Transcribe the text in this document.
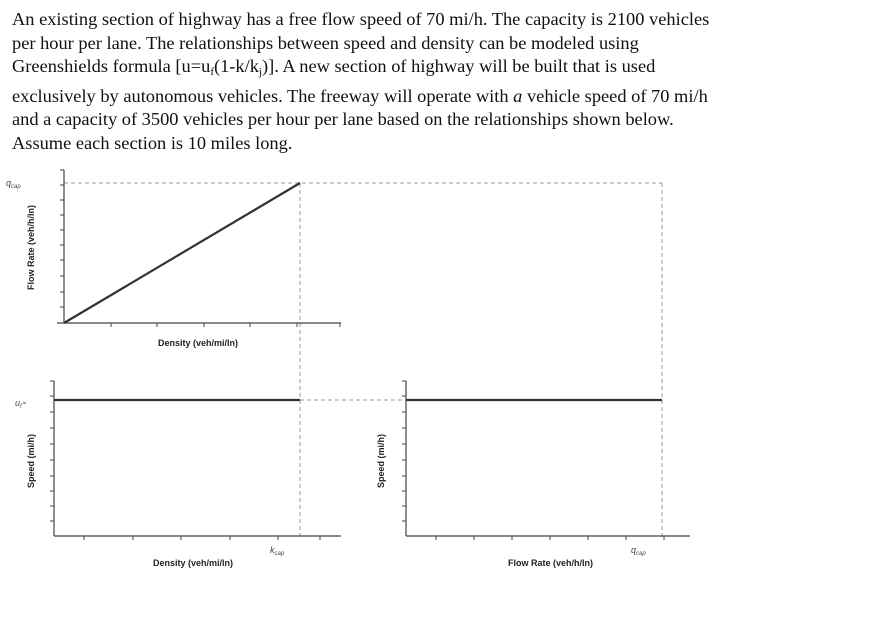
An existing section of highway has a free flow speed of 70 mi/h. The capacity is 2100 vehicles

per hour per lane. The relationships between speed and density can be modeled using

Greenshields formula $[u=u_f(1-k/k_j)]$. A new section of highway will be built that is used

exclusively by autonomous vehicles. The freeway will operate with a vehicle speed of 70 mi/h

and a capacity of 3500 vehicles per hour per lane based on the relationships shown below.

Assume each section is 10 miles long.

Flow Rate (veh/h/ln)
Density (veh/mi/ln)
$q_{cap}$
Speed (mi/h)
Density (veh/mi/ln)
$u_f^=$
$k_{cap}$
Speed (mi/h)
Flow Rate (veh/h/ln)
$q_{cap}$
